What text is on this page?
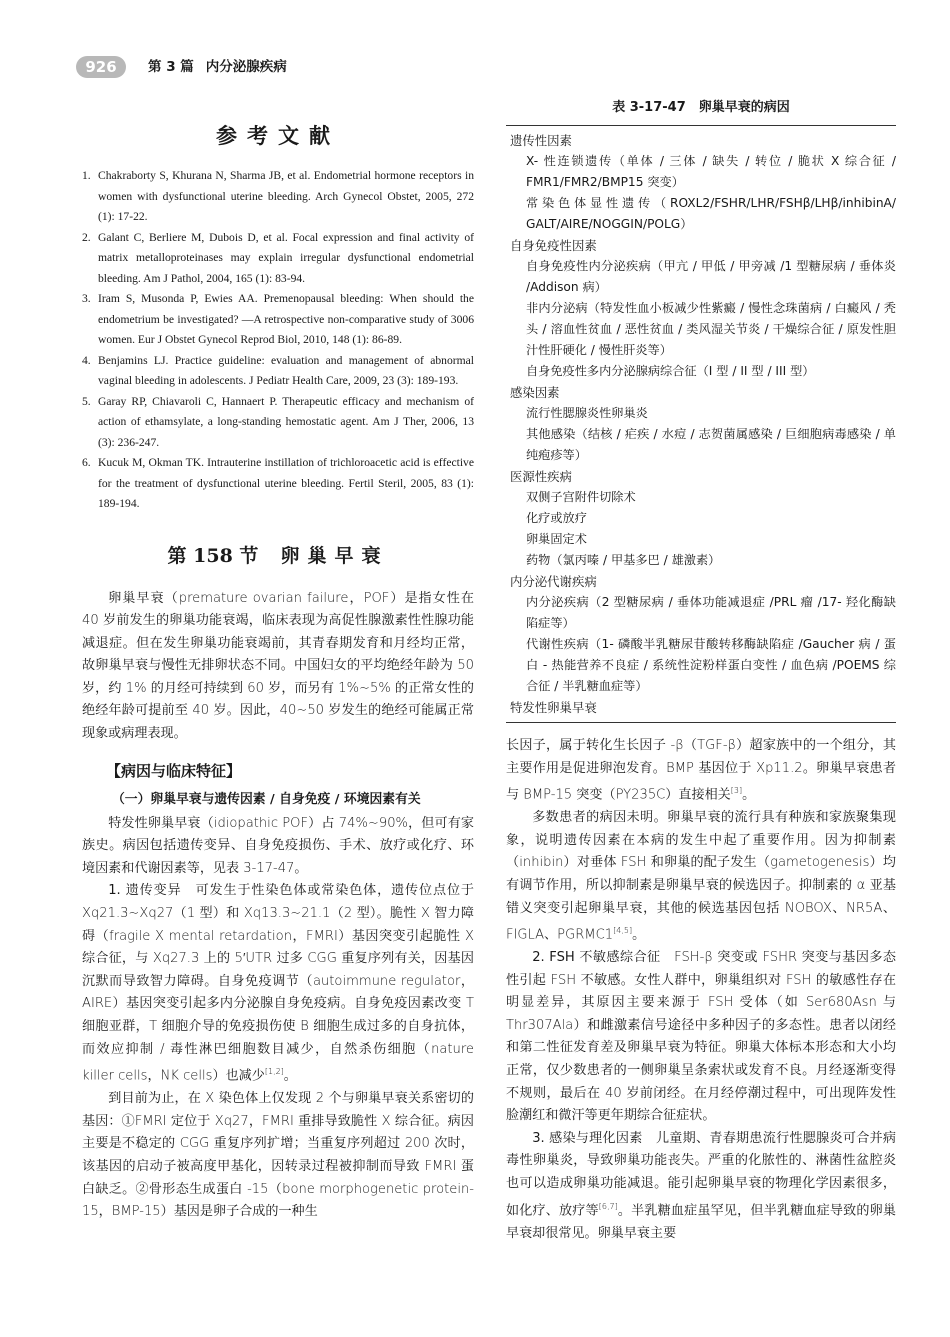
926	第 3 篇 内分泌腺疾病
参考文献
1. Chakraborty S, Khurana N, Sharma JB, et al. Endometrial hormone receptors in women with dysfunctional uterine bleeding. Arch Gynecol Obstet, 2005, 272 (1): 17-22.
2. Galant C, Berliere M, Dubois D, et al. Focal expression and final activity of matrix metalloproteinases may explain irregular dysfunctional endometrial bleeding. Am J Pathol, 2004, 165 (1): 83-94.
3. Iram S, Musonda P, Ewies AA. Premenopausal bleeding: When should the endometrium be investigated? —A retrospective non-comparative study of 3006 women. Eur J Obstet Gynecol Reprod Biol, 2010, 148 (1): 86-89.
4. Benjamins LJ. Practice guideline: evaluation and management of abnormal vaginal bleeding in adolescents. J Pediatr Health Care, 2009, 23 (3): 189-193.
5. Garay RP, Chiavaroli C, Hannaert P. Therapeutic efficacy and mechanism of action of ethamsylate, a long-standing hemostatic agent. Am J Ther, 2006, 13 (3): 236-247.
6. Kucuk M, Okman TK. Intrauterine instillation of trichloroacetic acid is effective for the treatment of dysfunctional uterine bleeding. Fertil Steril, 2005, 83 (1): 189-194.
第 158 节 卵巢早衰

卵巢早衰（premature ovarian failure，POF）是指女性在 40 岁前发生的卵巢功能衰竭，临床表现为高促性腺激素性性腺功能减退症。但在发生卵巢功能衰竭前，其青春期发育和月经均正常，故卵巢早衰与慢性无排卵状态不同。中国妇女的平均绝经年龄为 50 岁，约 1% 的月经可持续到 60 岁，而另有 1%~5% 的正常女性的绝经年龄可提前至 40 岁。因此，40~50 岁发生的绝经可能属正常现象或病理表现。

【病因与临床特征】
（一）卵巢早衰与遗传因素 / 自身免疫 / 环境因素有关

特发性卵巢早衰（idiopathic POF）占 74%~90%，但可有家族史。病因包括遗传变异、自身免疫损伤、手术、放疗或化疗、环境因素和代谢因素等，见表 3-17-47。

1. 遗传变异　 可发生于性染色体或常染色体，遗传位点位于 Xq21.3~Xq27（1 型）和 Xq13.3~21.1（2 型）。脆性 X 智力障碍（fragile X mental retardation，FMRI）基因突变引起脆性 X 综合征，与 Xq27.3 上的 5′UTR 过多 CGG 重复序列有关，因基因沉默而导致智力障碍。自身免疫调节（autoimmune regulator，AIRE）基因突变引起多内分泌腺自身免疫病。自身免疫因素改变 T 细胞亚群，T 细胞介导的免疫损伤使 B 细胞生成过多的自身抗体，而效应抑制 / 毒性淋巴细胞数目减少，自然杀伤细胞（nature killer cells，NK cells）也减少[1,2]。

到目前为止，在 X 染色体上仅发现 2 个与卵巢早衰关系密切的基因：①FMRI 定位于 Xq27，FMRI 重排导致脆性 X 综合征。病因主要是不稳定的 CGG 重复序列扩增；当重复序列超过 200 次时，该基因的启动子被高度甲基化，因转录过程被抑制而导致 FMRI 蛋白缺乏。②骨形态生成蛋白 -15（bone morphogenetic protein-15，BMP-15）基因是卵子合成的一种生

表 3-17-47　卵巢早衰的病因
遗传性因素
X- 性连锁遗传（单体 / 三体 / 缺失 / 转位 / 脆状 X 综合征 / FMR1/FMR2/BMP15 突变）
常染色体显性遗传（ROXL2/FSHR/LHR/FSHβ/LHβ/inhibinA/ GALT/AIRE/NOGGIN/POLG）
自身免疫性因素
自身免疫性内分泌疾病（甲亢 / 甲低 / 甲旁减 /1 型糖尿病 / 垂体炎 /Addison 病）
非内分泌病（特发性血小板减少性紫癜 / 慢性念珠菌病 / 白癜风 / 秃头 / 溶血性贫血 / 恶性贫血 / 类风湿关节炎 / 干燥综合征 / 原发性胆汁性肝硬化 / 慢性肝炎等）
自身免疫性多内分泌腺病综合征（I 型 / II 型 / III 型）
感染因素
流行性腮腺炎性卵巢炎
其他感染（结核 / 疟疾 / 水痘 / 志贺菌属感染 / 巨细胞病毒感染 / 单纯疱疹等）
医源性疾病
双侧子宫附件切除术
化疗或放疗
卵巢固定术
药物（氯丙嗪 / 甲基多巴 / 雄激素）
内分泌代谢疾病
内分泌疾病（2 型糖尿病 / 垂体功能减退症 /PRL 瘤 /17- 羟化酶缺陷症等）
代谢性疾病（1- 磷酸半乳糖尿苷酸转移酶缺陷症 /Gaucher 病 / 蛋白 - 热能营养不良症 / 系统性淀粉样蛋白变性 / 血色病 /POEMS 综合征 / 半乳糖血症等）
特发性卵巢早衰

长因子，属于转化生长因子 -β（TGF-β）超家族中的一个组分，其主要作用是促进卵泡发育。BMP 基因位于 Xp11.2。卵巢早衰患者与 BMP-15 突变（PY235C）直接相关[3]。

多数患者的病因未明。卵巢早衰的流行具有种族和家族聚集现象，说明遗传因素在本病的发生中起了重要作用。因为抑制素（inhibin）对垂体 FSH 和卵巢的配子发生（gametogenesis）均有调节作用，所以抑制素是卵巢早衰的候选因子。抑制素的 α 亚基错义突变引起卵巢早衰，其他的候选基因包括 NOBOX、NR5A、FIGLA、PGRMC1[4,5]。

2. FSH 不敏感综合征　 FSH-β 突变或 FSHR 突变与基因多态性引起 FSH 不敏感。女性人群中，卵巢组织对 FSH 的敏感性存在明显差异，其原因主要来源于 FSH 受体（如 Ser680Asn 与 Thr307Ala）和雌激素信号途径中多种因子的多态性。患者以闭经和第二性征发育差及卵巢早衰为特征。卵巢大体标本形态和大小均正常，仅少数患者的一侧卵巢呈条索状或发育不良。月经逐渐变得不规则，最后在 40 岁前闭经。在月经停潮过程中，可出现阵发性脸潮红和微汗等更年期综合征症状。

3. 感染与理化因素　 儿童期、青春期患流行性腮腺炎可合并病毒性卵巢炎，导致卵巢功能丧失。严重的化脓性的、淋菌性盆腔炎也可以造成卵巢功能减退。能引起卵巢早衰的物理化学因素很多，如化疗、放疗等[6,7]。半乳糖血症虽罕见，但半乳糖血症导致的卵巢早衰却很常见。卵巢早衰主要
